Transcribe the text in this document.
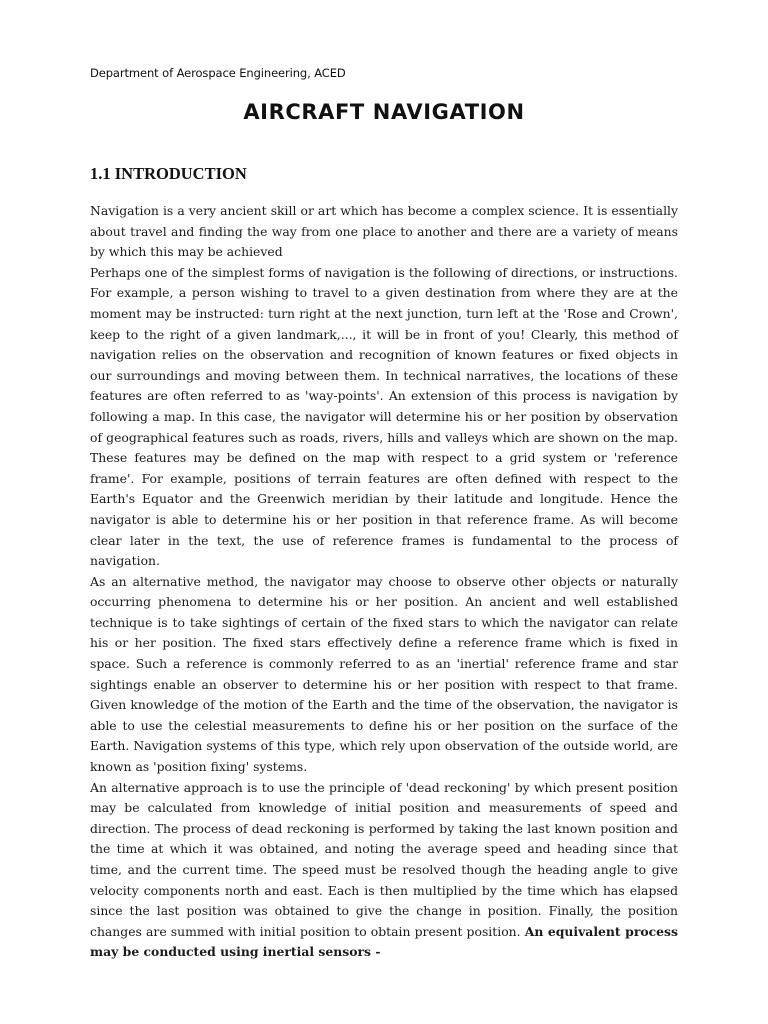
Department of Aerospace Engineering, ACED
AIRCRAFT NAVIGATION
1.1 INTRODUCTION

Navigation is a very ancient skill or art which has become a complex science. It is essentially about travel and finding the way from one place to another and there are a variety of means by which this may be achieved

Perhaps one of the simplest forms of navigation is the following of directions, or instructions. For example, a person wishing to travel to a given destination from where they are at the moment may be instructed: turn right at the next junction, turn left at the 'Rose and Crown', keep to the right of a given landmark,..., it will be in front of you! Clearly, this method of navigation relies on the observation and recognition of known features or fixed objects in our surroundings and moving between them. In technical narratives, the locations of these features are often referred to as 'way-points'. An extension of this process is navigation by following a map. In this case, the navigator will determine his or her position by observation of geographical features such as roads, rivers, hills and valleys which are shown on the map. These features may be defined on the map with respect to a grid system or 'reference frame'. For example, positions of terrain features are often defined with respect to the Earth's Equator and the Greenwich meridian by their latitude and longitude. Hence the navigator is able to determine his or her position in that reference frame. As will become clear later in the text, the use of reference frames is fundamental to the process of navigation.

As an alternative method, the navigator may choose to observe other objects or naturally occurring phenomena to determine his or her position. An ancient and well established technique is to take sightings of certain of the fixed stars to which the navigator can relate his or her position. The fixed stars effectively define a reference frame which is fixed in space. Such a reference is commonly referred to as an 'inertial' reference frame and star sightings enable an observer to determine his or her position with respect to that frame. Given knowledge of the motion of the Earth and the time of the observation, the navigator is able to use the celestial measurements to define his or her position on the surface of the Earth. Navigation systems of this type, which rely upon observation of the outside world, are known as 'position fixing' systems.

An alternative approach is to use the principle of 'dead reckoning' by which present position may be calculated from knowledge of initial position and measurements of speed and direction. The process of dead reckoning is performed by taking the last known position and the time at which it was obtained, and noting the average speed and heading since that time, and the current time. The speed must be resolved though the heading angle to give velocity components north and east. Each is then multiplied by the time which has elapsed since the last position was obtained to give the change in position. Finally, the position changes are summed with initial position to obtain present position. An equivalent process may be conducted using inertial sensors -
